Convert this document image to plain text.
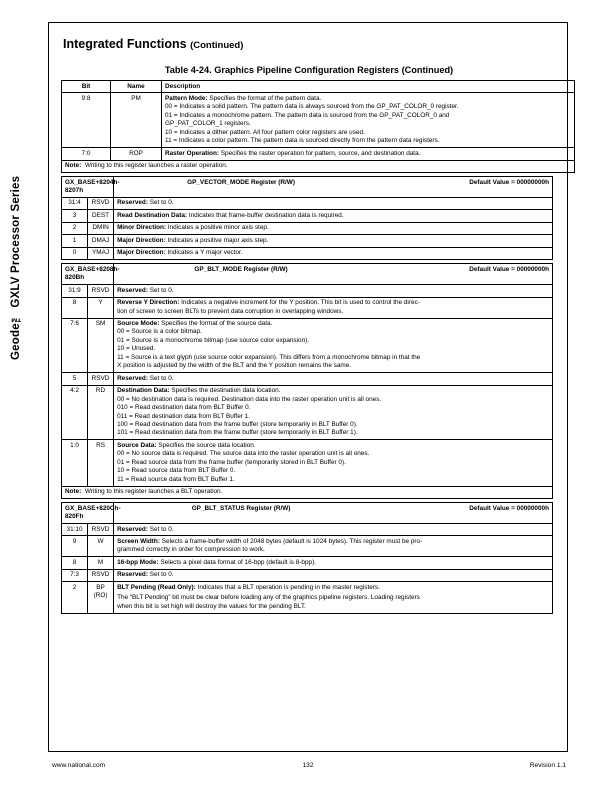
Geode™ GXLV Processor Series
Integrated Functions (Continued)
Table 4-24. Graphics Pipeline Configuration Registers (Continued)
Bit	Name	Description
9:8	PM	Pattern Mode: Specifies the format of the pattern data.
00 = Indicates a solid pattern. The pattern data is always sourced from the GP_PAT_COLOR_0 register.
01 = Indicates a monochrome pattern. The pattern data is sourced from the GP_PAT_COLOR_0 and
GP_PAT_COLOR_1 registers.
10 = Indicates a dither pattern. All four pattern color registers are used.
11 = Indicates a color pattern. The pattern data is sourced directly from the pattern data registers.

7:0	ROP	Raster Operation: Specifies the raster operation for pattern, source, and destination data.

Note: Writing to this register launches a raster operation.		
GX_BASE+8204h-8207h		GP_VECTOR_MODE Register (R/W) Default Value = 00000000h

31:4	RSVD	Reserved: Set to 0.
3	DEST	Read Destination Data: Indicates that frame-buffer destination data is required.
2	DMIN	Minor Direction: Indicates a positive minor axis step.
1	DMAJ	Major Direction: Indicates a positive major axis step.
0	YMAJ	Major Direction: Indicates a Y major vector.
GX_BASE+8208h-820Bh		GP_BLT_MODE Register (R/W) Default Value = 00000000h

31:9	RSVD	Reserved: Set to 0.
8	Y	Reverse Y Direction: Indicates a negative increment for the Y position. This bit is used to control the direc-
tion of screen to screen BLTs to prevent data corruption in overlapping windows.

7:6	SM	Source Mode: Specifies the format of the source data.
00 = Source is a color bitmap.
01 = Source is a monochrome bitmap (use source color expansion).
10 = Unused.
11 = Source is a text glyph (use source color expansion). This differs from a monochrome bitmap in that the
X position is adjusted by the width of the BLT and the Y position remains the same.

5	RSVD	Reserved: Set to 0.
4:2	RD	Destination Data: Specifies the destination data location.
00 = No destination data is required. Destination data into the raster operation unit is all ones.
010 = Read destination data from BLT Buffer 0.
011 = Read destination data from BLT Buffer 1.
100 = Read destination data from the frame buffer (store temporarily in BLT Buffer 0).
101 = Read destination data from the frame buffer (store temporarily in BLT Buffer 1).

1:0	RS	Source Data: Specifies the source data location.
00 = No source data is required. The source data into the raster operation unit is all ones.
01 = Read source data from the frame buffer (temporarily stored in BLT Buffer 0).
10 = Read source data from BLT Buffer 0.
11 = Read source data from BLT Buffer 1.

Note: Writing to this register launches a BLT operation.		
GX_BASE+820Ch-820Fh		GP_BLT_STATUS Register (R/W) Default Value = 00000000h

31:10	RSVD	Reserved: Set to 0.
9	W	Screen Width: Selects a frame-buffer width of 2048 bytes (default is 1024 bytes). This register must be pro-
grammed correctly in order for compression to work.

8	M	16-bpp Mode: Selects a pixel data format of 16-bpp (default is 8-bpp).
7:3	RSVD	Reserved: Set to 0.
2	BP (RO)	BLT Pending (Read Only): Indicates that a BLT operation is pending in the master registers.
The “BLT Pending” bit must be clear before loading any of the graphics pipeline registers. Loading registers
when this bit is set high will destroy the values for the pending BLT.
www.national.com	132	Revision 1.1
